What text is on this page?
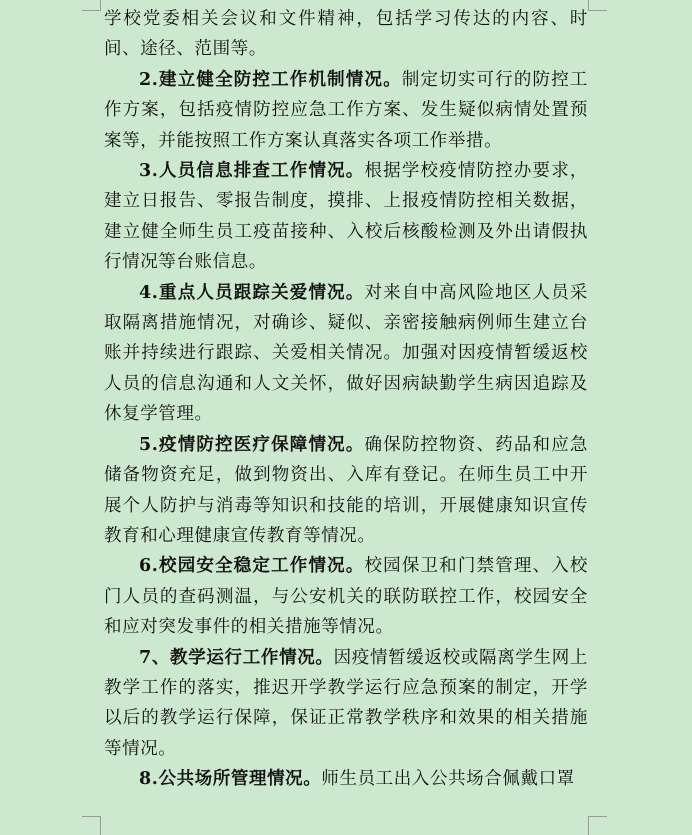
学校党委相关会议和文件精神，包括学习传达的内容、时间、途径、范围等。

2.建立健全防控工作机制情况。制定切实可行的防控工作方案，包括疫情防控应急工作方案、发生疑似病情处置预案等，并能按照工作方案认真落实各项工作举措。

3.人员信息排查工作情况。根据学校疫情防控办要求，建立日报告、零报告制度，摸排、上报疫情防控相关数据，建立健全师生员工疫苗接种、入校后核酸检测及外出请假执行情况等台账信息。

4.重点人员跟踪关爱情况。对来自中高风险地区人员采取隔离措施情况，对确诊、疑似、亲密接触病例师生建立台账并持续进行跟踪、关爱相关情况。加强对因疫情暂缓返校人员的信息沟通和人文关怀，做好因病缺勤学生病因追踪及休复学管理。

5.疫情防控医疗保障情况。确保防控物资、药品和应急储备物资充足，做到物资出、入库有登记。在师生员工中开展个人防护与消毒等知识和技能的培训，开展健康知识宣传教育和心理健康宣传教育等情况。

6.校园安全稳定工作情况。校园保卫和门禁管理、入校门人员的查码测温，与公安机关的联防联控工作，校园安全和应对突发事件的相关措施等情况。

7、教学运行工作情况。因疫情暂缓返校或隔离学生网上教学工作的落实，推迟开学教学运行应急预案的制定，开学以后的教学运行保障，保证正常教学秩序和效果的相关措施等情况。

8.公共场所管理情况。师生员工出入公共场合佩戴口罩
